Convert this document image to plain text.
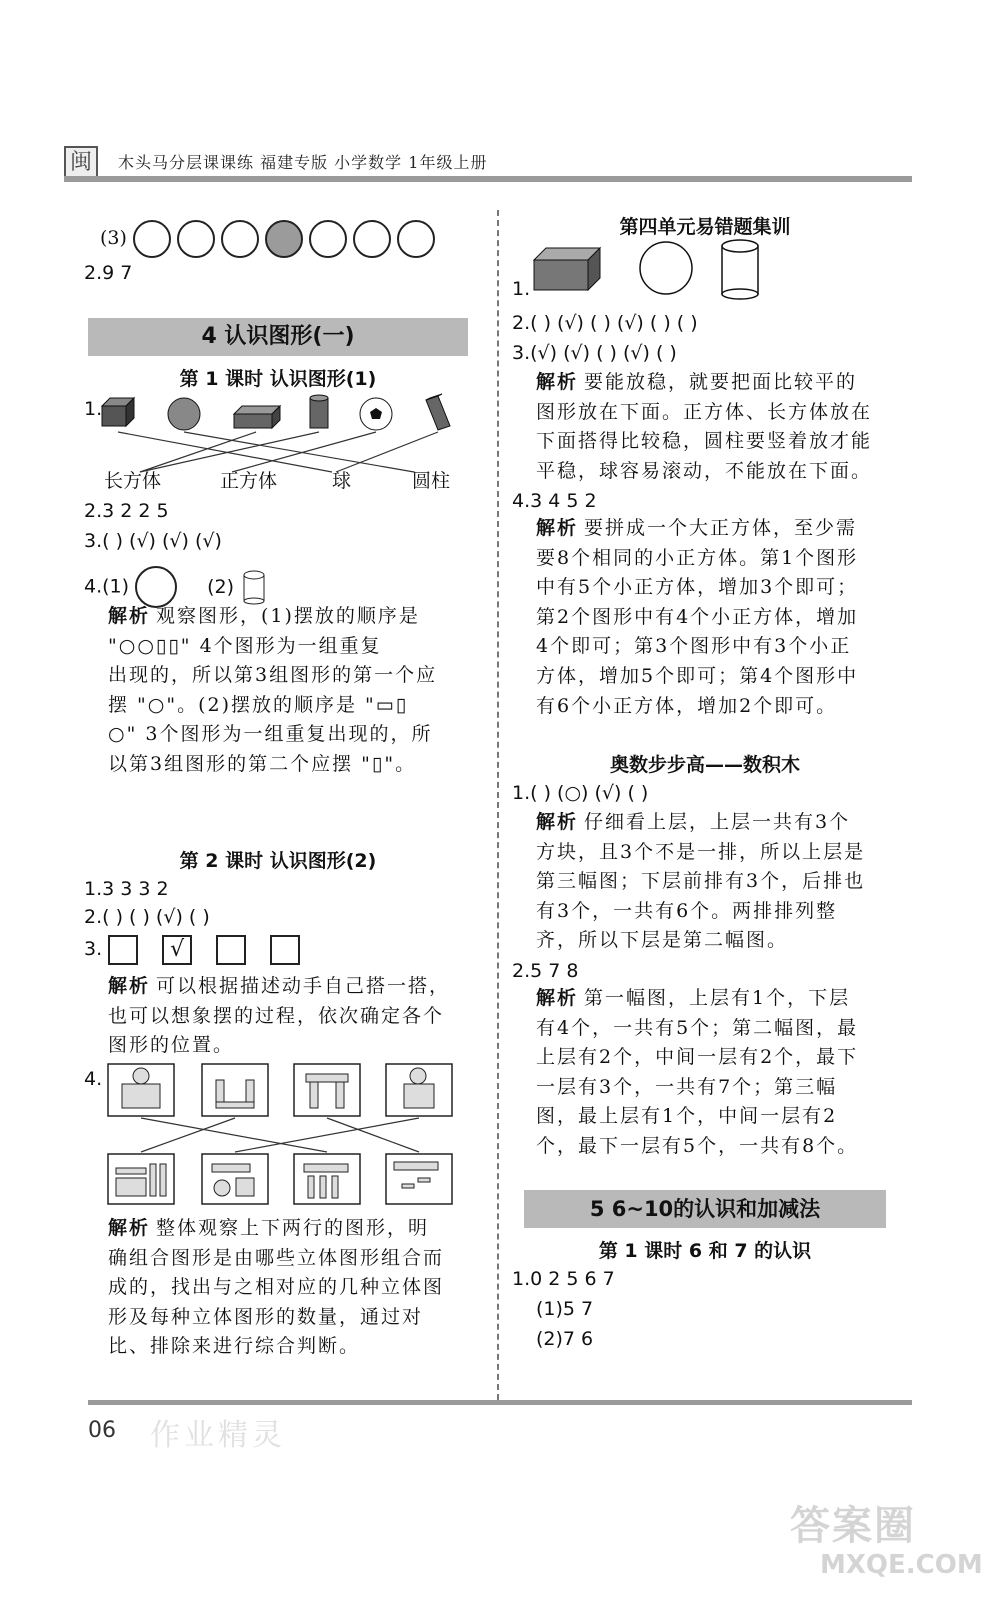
闽	木头马分层课课练 福建专版 小学数学 1年级上册
(3)
2.9 7
4 认识图形(一)
第 1 课时 认识图形(1)
1.
长方体	正方体	球	圆柱
2.3 2 2 5
3.( ) (√) (√) (√)
4.(1)	(2)
解析 观察图形，(1)摆放的顺序是
"○○▯▯" 4个图形为一组重复
出现的，所以第3组图形的第一个应
摆 "○"。(2)摆放的顺序是 "▭▯
○" 3个图形为一组重复出现的，所
以第3组图形的第二个应摆 "▯"。
第 2 课时 认识图形(2)
1.3 3 3 2
2.( ) ( ) (√) ( )
3.	√
解析 可以根据描述动手自己搭一搭，
也可以想象摆的过程，依次确定各个
图形的位置。
4.
解析 整体观察上下两行的图形，明
确组合图形是由哪些立体图形组合而
成的，找出与之相对应的几种立体图
形及每种立体图形的数量，通过对
比、排除来进行综合判断。
第四单元易错题集训
1.
2.( ) (√) ( ) (√) ( ) ( )
3.(√) (√) ( ) (√) ( )
解析 要能放稳，就要把面比较平的
图形放在下面。正方体、长方体放在
下面搭得比较稳，圆柱要竖着放才能
平稳，球容易滚动，不能放在下面。
4.3 4 5 2
解析 要拼成一个大正方体，至少需
要8个相同的小正方体。第1个图形
中有5个小正方体，增加3个即可；
第2个图形中有4个小正方体，增加
4个即可；第3个图形中有3个小正
方体，增加5个即可；第4个图形中
有6个小正方体，增加2个即可。
奥数步步高——数积木
1.( ) (○) (√) ( )
解析 仔细看上层，上层一共有3个
方块，且3个不是一排，所以上层是
第三幅图；下层前排有3个，后排也
有3个，一共有6个。两排排列整
齐，所以下层是第二幅图。
2.5 7 8
解析 第一幅图，上层有1个，下层
有4个，一共有5个；第二幅图，最
上层有2个，中间一层有2个，最下
一层有3个，一共有7个；第三幅
图，最上层有1个，中间一层有2
个，最下一层有5个，一共有8个。
5 6~10的认识和加减法
第 1 课时 6 和 7 的认识
1.0 2 5 6 7
(1)5 7
(2)7 6
06 作业精灵
答案圈
MXQE.COM
